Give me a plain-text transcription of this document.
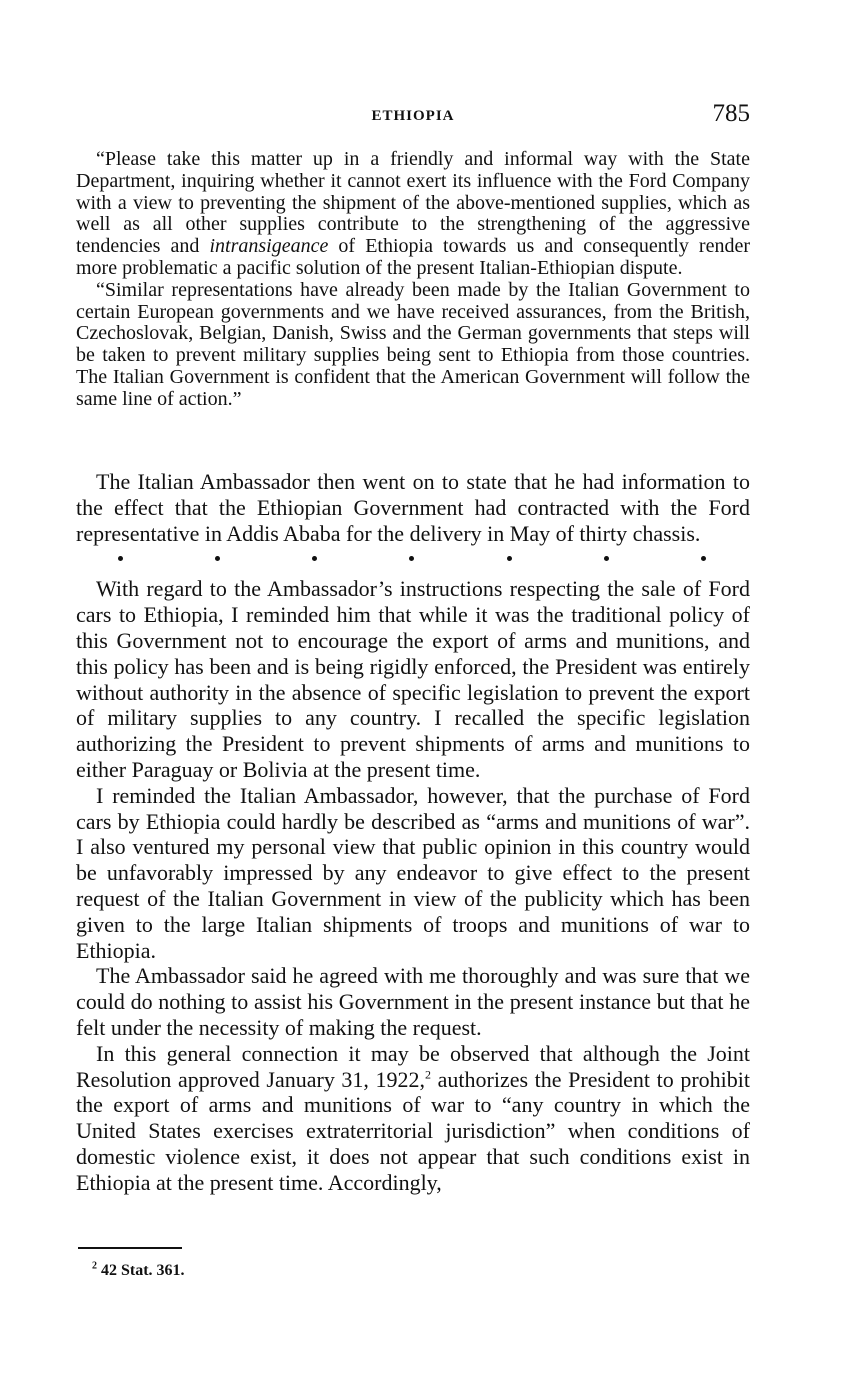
ETHIOPIA	785

“Please take this matter up in a friendly and informal way with the State Department, inquiring whether it cannot exert its influence with the Ford Company with a view to preventing the shipment of the above-mentioned supplies, which as well as all other supplies contribute to the strengthening of the aggressive tendencies and intransigeance of Ethiopia towards us and consequently render more problematic a pacific solution of the present Italian-Ethiopian dispute.

“Similar representations have already been made by the Italian Government to certain European governments and we have received assurances, from the British, Czechoslovak, Belgian, Danish, Swiss and the German governments that steps will be taken to prevent military supplies being sent to Ethiopia from those countries. The Italian Government is confident that the American Government will follow the same line of action.”

The Italian Ambassador then went on to state that he had information to the effect that the Ethiopian Government had contracted with the Ford representative in Addis Ababa for the delivery in May of thirty chassis.

With regard to the Ambassador’s instructions respecting the sale of Ford cars to Ethiopia, I reminded him that while it was the traditional policy of this Government not to encourage the export of arms and munitions, and this policy has been and is being rigidly enforced, the President was entirely without authority in the absence of specific legislation to prevent the export of military supplies to any country. I recalled the specific legislation authorizing the President to prevent shipments of arms and munitions to either Paraguay or Bolivia at the present time.

I reminded the Italian Ambassador, however, that the purchase of Ford cars by Ethiopia could hardly be described as “arms and munitions of war”. I also ventured my personal view that public opinion in this country would be unfavorably impressed by any endeavor to give effect to the present request of the Italian Government in view of the publicity which has been given to the large Italian shipments of troops and munitions of war to Ethiopia.

The Ambassador said he agreed with me thoroughly and was sure that we could do nothing to assist his Government in the present instance but that he felt under the necessity of making the request.

In this general connection it may be observed that although the Joint Resolution approved January 31, 1922,$^2$ authorizes the President to prohibit the export of arms and munitions of war to “any country in which the United States exercises extraterritorial jurisdiction” when conditions of domestic violence exist, it does not appear that such conditions exist in Ethiopia at the present time. Accordingly,

$^2$ 42 Stat. 361.
